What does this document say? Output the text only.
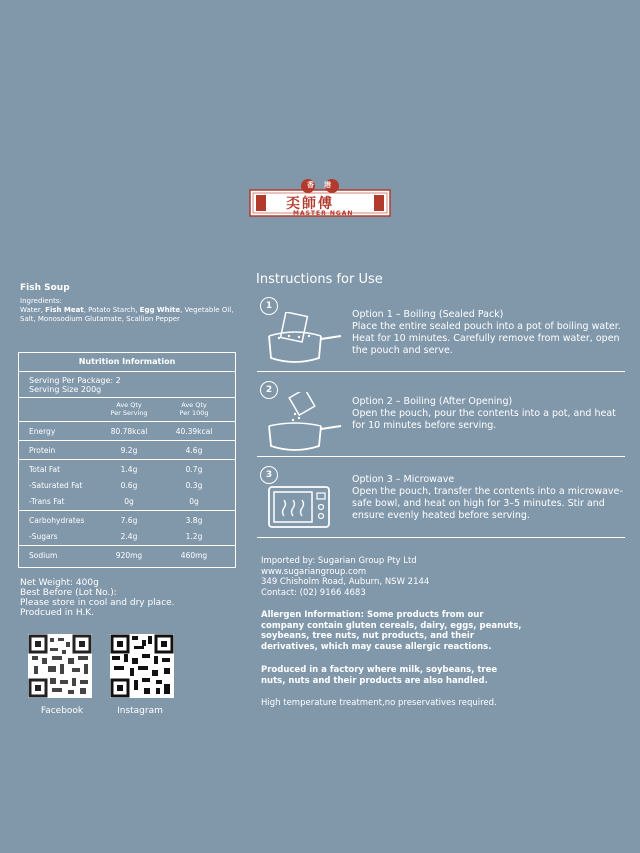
香港
奀師傅
MASTER NGAN
Fish Soup
Ingredients:
Water, Fish Meat, Potato Starch, Egg White, Vegetable Oil, Salt, Monosodium Glutamate, Scallion Pepper
Nutrition Information
Serving Per Package: 2
Serving Size 200g
Ave Qty
Per Serving
Ave Qty
Per 100g
Energy	80.78kcal	40.39kcal
Protein	9.2g	4.6g
Total Fat	1.4g	0.7g
-Saturated Fat	0.6g	0.3g
-Trans Fat	0g	0g
Carbohydrates	7.6g	3.8g
-Sugars	2.4g	1.2g
Sodium	920mg	460mg
Net Weight: 400g
Best Before (Lot No.):
Please store in cool and dry place.
Prodcued in H.K.
Facebook	Instagram
Instructions for Use
1
Option 1 – Boiling (Sealed Pack)
Place the entire sealed pouch into a pot of boiling water. Heat for 10 minutes. Carefully remove from water, open the pouch and serve.
2
Option 2 – Boiling (After Opening)
Open the pouch, pour the contents into a pot, and heat for 10 minutes before serving.
3	Option 3 – Microwave
Open the pouch, transfer the contents into a microwave-safe bowl, and heat on high for 3–5 minutes. Stir and ensure evenly heated before serving.
Imported by: Sugarian Group Pty Ltd
www.sugariangroup.com
349 Chisholm Road, Auburn, NSW 2144
Contact: (02) 9166 4683
Allergen Information: Some products from our company contain gluten cereals, dairy, eggs, peanuts, soybeans, tree nuts, nut products, and their derivatives, which may cause allergic reactions.
Produced in a factory where milk, soybeans, tree nuts, nuts and their products are also handled.
High temperature treatment,no preservatives required.
